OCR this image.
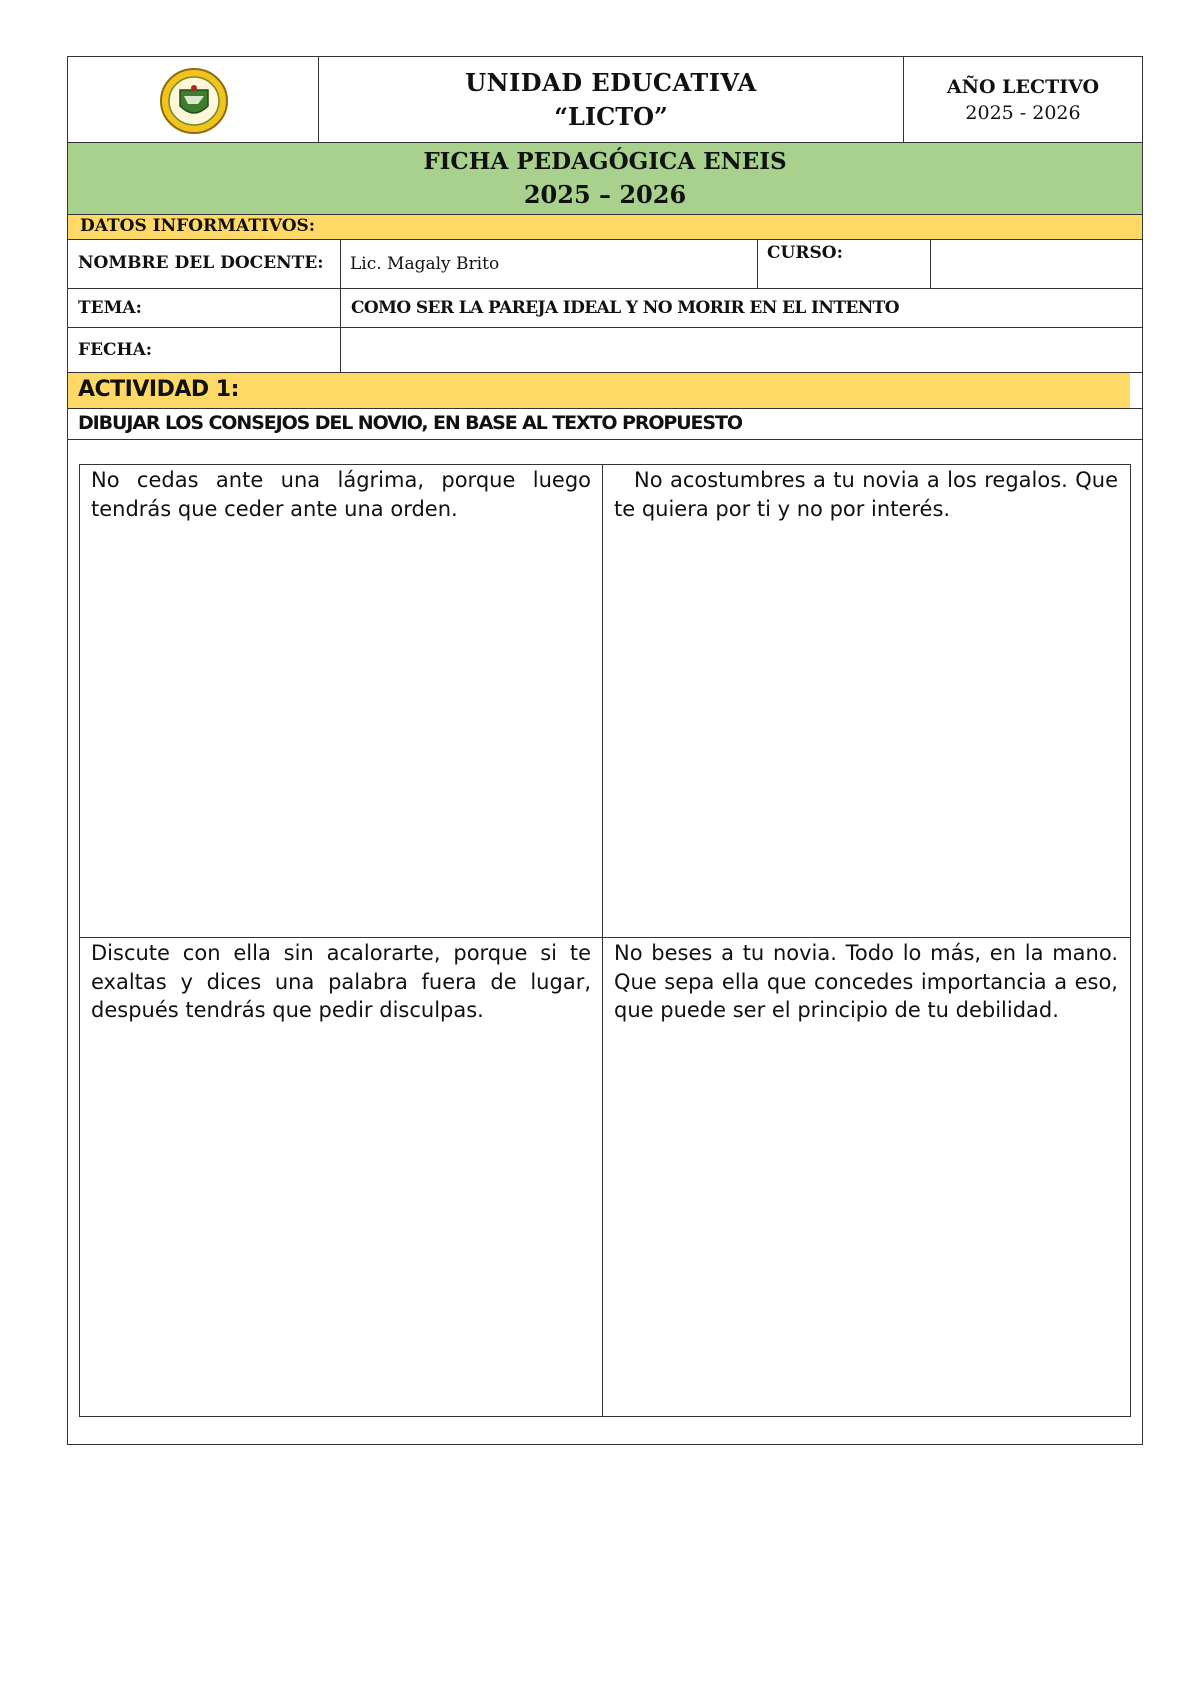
UNIDAD EDUCATIVA
“LICTO”
AÑO LECTIVO
2025 - 2026
FICHA PEDAGÓGICA ENEIS
2025 – 2026
DATOS INFORMATIVOS:
NOMBRE DEL DOCENTE: Lic. Magaly Brito
CURSO:
TEMA:	COMO SER LA PAREJA IDEAL Y NO MORIR EN EL INTENTO
FECHA:
ACTIVIDAD 1:
DIBUJAR LOS CONSEJOS DEL NOVIO, EN BASE AL TEXTO PROPUESTO
No cedas ante una lágrima, porque luego tendrás que ceder ante una orden.
No acostumbres a tu novia a los regalos. Que te quiera por ti y no por interés.
Discute con ella sin acalorarte, porque si te exaltas y dices una palabra fuera de lugar, después tendrás que pedir disculpas.
No beses a tu novia. Todo lo más, en la mano. Que sepa ella que concedes importancia a eso, que puede ser el principio de tu debilidad.
